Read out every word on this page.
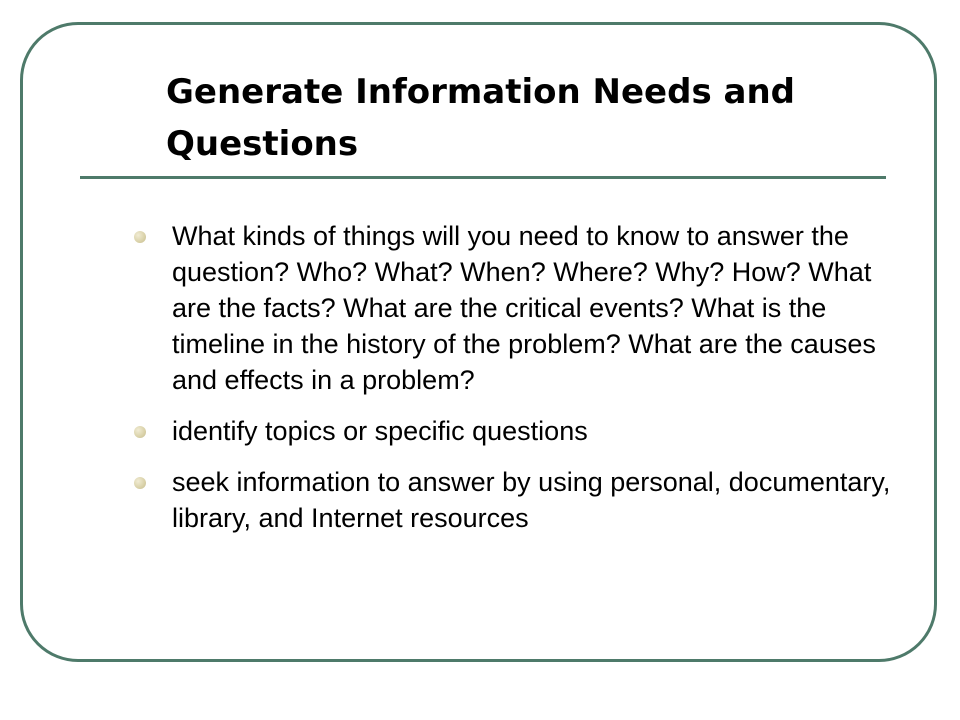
Generate Information Needs and Questions
What kinds of things will you need to know to answer the question? Who? What? When? Where? Why? How? What are the facts? What are the critical events? What is the timeline in the history of the problem? What are the causes and effects in a problem?
identify topics or specific questions
seek information to answer by using personal, documentary, library, and Internet resources
